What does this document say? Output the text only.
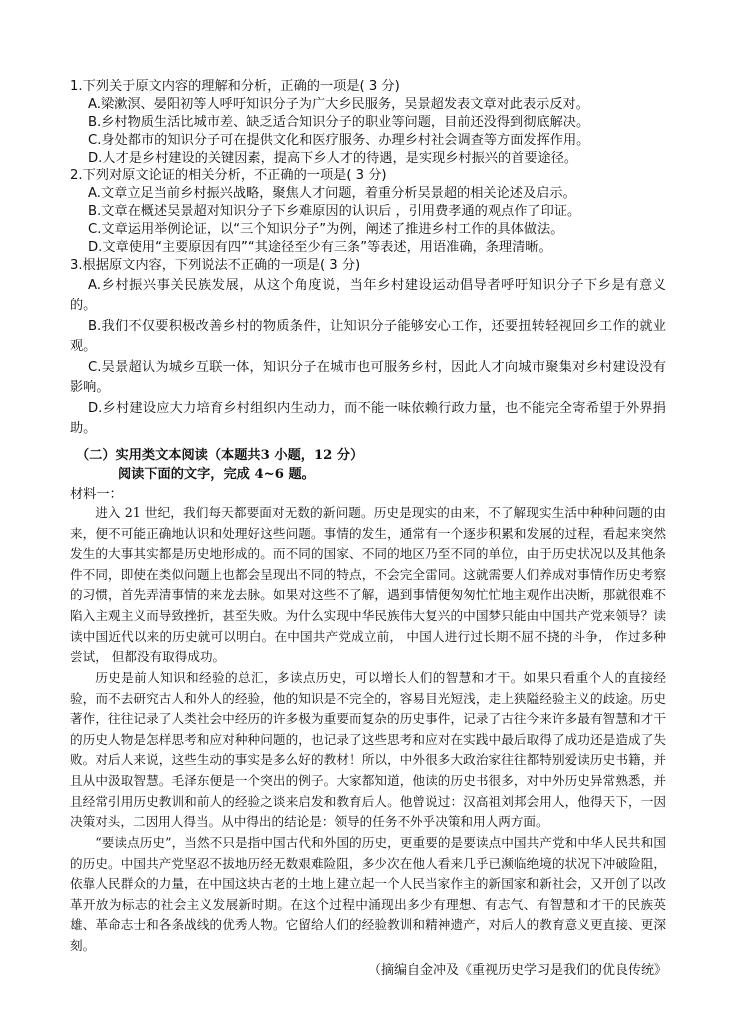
1.下列关于原文内容的理解和分析，正确的一项是( 3 分)
A.梁漱溟、晏阳初等人呼吁知识分子为广大乡民服务，吴景超发表文章对此表示反对。
B.乡村物质生活比城市差、缺乏适合知识分子的职业等问题，目前还没得到彻底解决。
C.身处都市的知识分子可在提供文化和医疗服务、办理乡村社会调查等方面发挥作用。
D.人才是乡村建设的关键因素，提高下乡人才的待遇，是实现乡村振兴的首要途径。
2.下列对原文论证的相关分析，不正确的一项是( 3 分)
A.文章立足当前乡村振兴战略，聚焦人才问题，着重分析吴景超的相关论述及启示。
B.文章在概述吴景超对知识分子下乡难原因的认识后 ，引用费孝通的观点作了印证。
C.文章运用举例论证，以“三个知识分子”为例，阐述了推进乡村工作的具体做法。
D.文章使用“主要原因有四”“其途径至少有三条”等表述，用语准确，条理清晰。
3.根据原文内容，下列说法不正确的一项是( 3 分)
A.乡村振兴事关民族发展，从这个角度说，当年乡村建设运动倡导者呼吁知识分子下乡是有意义的。
B.我们不仅要积极改善乡村的物质条件，让知识分子能够安心工作，还要扭转轻视回乡工作的就业观。
C.吴景超认为城乡互联一体，知识分子在城市也可服务乡村，因此人才向城市聚集对乡村建设没有影响。
D.乡村建设应大力培育乡村组织内生动力，而不能一味依赖行政力量，也不能完全寄希望于外界捐助。
（二）实用类文本阅读（本题共3 小题，12 分）
阅读下面的文字，完成 4~6 题。
材料一：
进入 21 世纪，我们每天都要面对无数的新问题。历史是现实的由来，不了解现实生活中种种问题的由来，便不可能正确地认识和处理好这些问题。事情的发生，通常有一个逐步积累和发展的过程，看起来突然发生的大事其实都是历史地形成的。而不同的国家、不同的地区乃至不同的单位，由于历史状况以及其他条件不同，即使在类似问题上也都会呈现出不同的特点，不会完全雷同。这就需要人们养成对事情作历史考察的习惯，首先弄清事情的来龙去脉。如果对这些不了解，遇到事情便匆匆忙忙地主观作出决断，那就很难不陷入主观主义而导致挫折，甚至失败。为什么实现中华民族伟大复兴的中国梦只能由中国共产党来领导？读读中国近代以来的历史就可以明白。在中国共产党成立前， 中国人进行过长期不屈不挠的斗争， 作过多种尝试， 但都没有取得成功。
历史是前人知识和经验的总汇，多读点历史，可以增长人们的智慧和才干。如果只看重个人的直接经验，而不去研究古人和外人的经验，他的知识是不完全的，容易目光短浅，走上狭隘经验主义的歧途。历史著作，往往记录了人类社会中经历的许多极为重要而复杂的历史事件，记录了古往今来许多最有智慧和才干的历史人物是怎样思考和应对种种问题的，也记录了这些思考和应对在实践中最后取得了成功还是造成了失败。对后人来说，这些生动的事实是多么好的教材！所以，中外很多大政治家往往都特别爱读历史书籍，并且从中汲取智慧。毛泽东便是一个突出的例子。大家都知道，他读的历史书很多，对中外历史异常熟悉，并且经常引用历史教训和前人的经验之谈来启发和教育后人。他曾说过：汉高祖刘邦会用人，他得天下，一因决策对头，二因用人得当。从中得出的结论是：领导的任务不外乎决策和用人两方面。
“要读点历史”，当然不只是指中国古代和外国的历史，更重要的是要读点中国共产党和中华人民共和国的历史。中国共产党坚忍不拔地历经无数艰难险阻，多少次在他人看来几乎已濒临绝境的状况下冲破险阻，依靠人民群众的力量，在中国这块古老的土地上建立起一个人民当家作主的新国家和新社会，又开创了以改革开放为标志的社会主义发展新时期。在这个过程中涌现出多少有理想、有志气、有智慧和才干的民族英雄、革命志士和各条战线的优秀人物。它留给人们的经验教训和精神遗产，对后人的教育意义更直接、更深刻。
（摘编自金冲及《重视历史学习是我们的优良传统》
